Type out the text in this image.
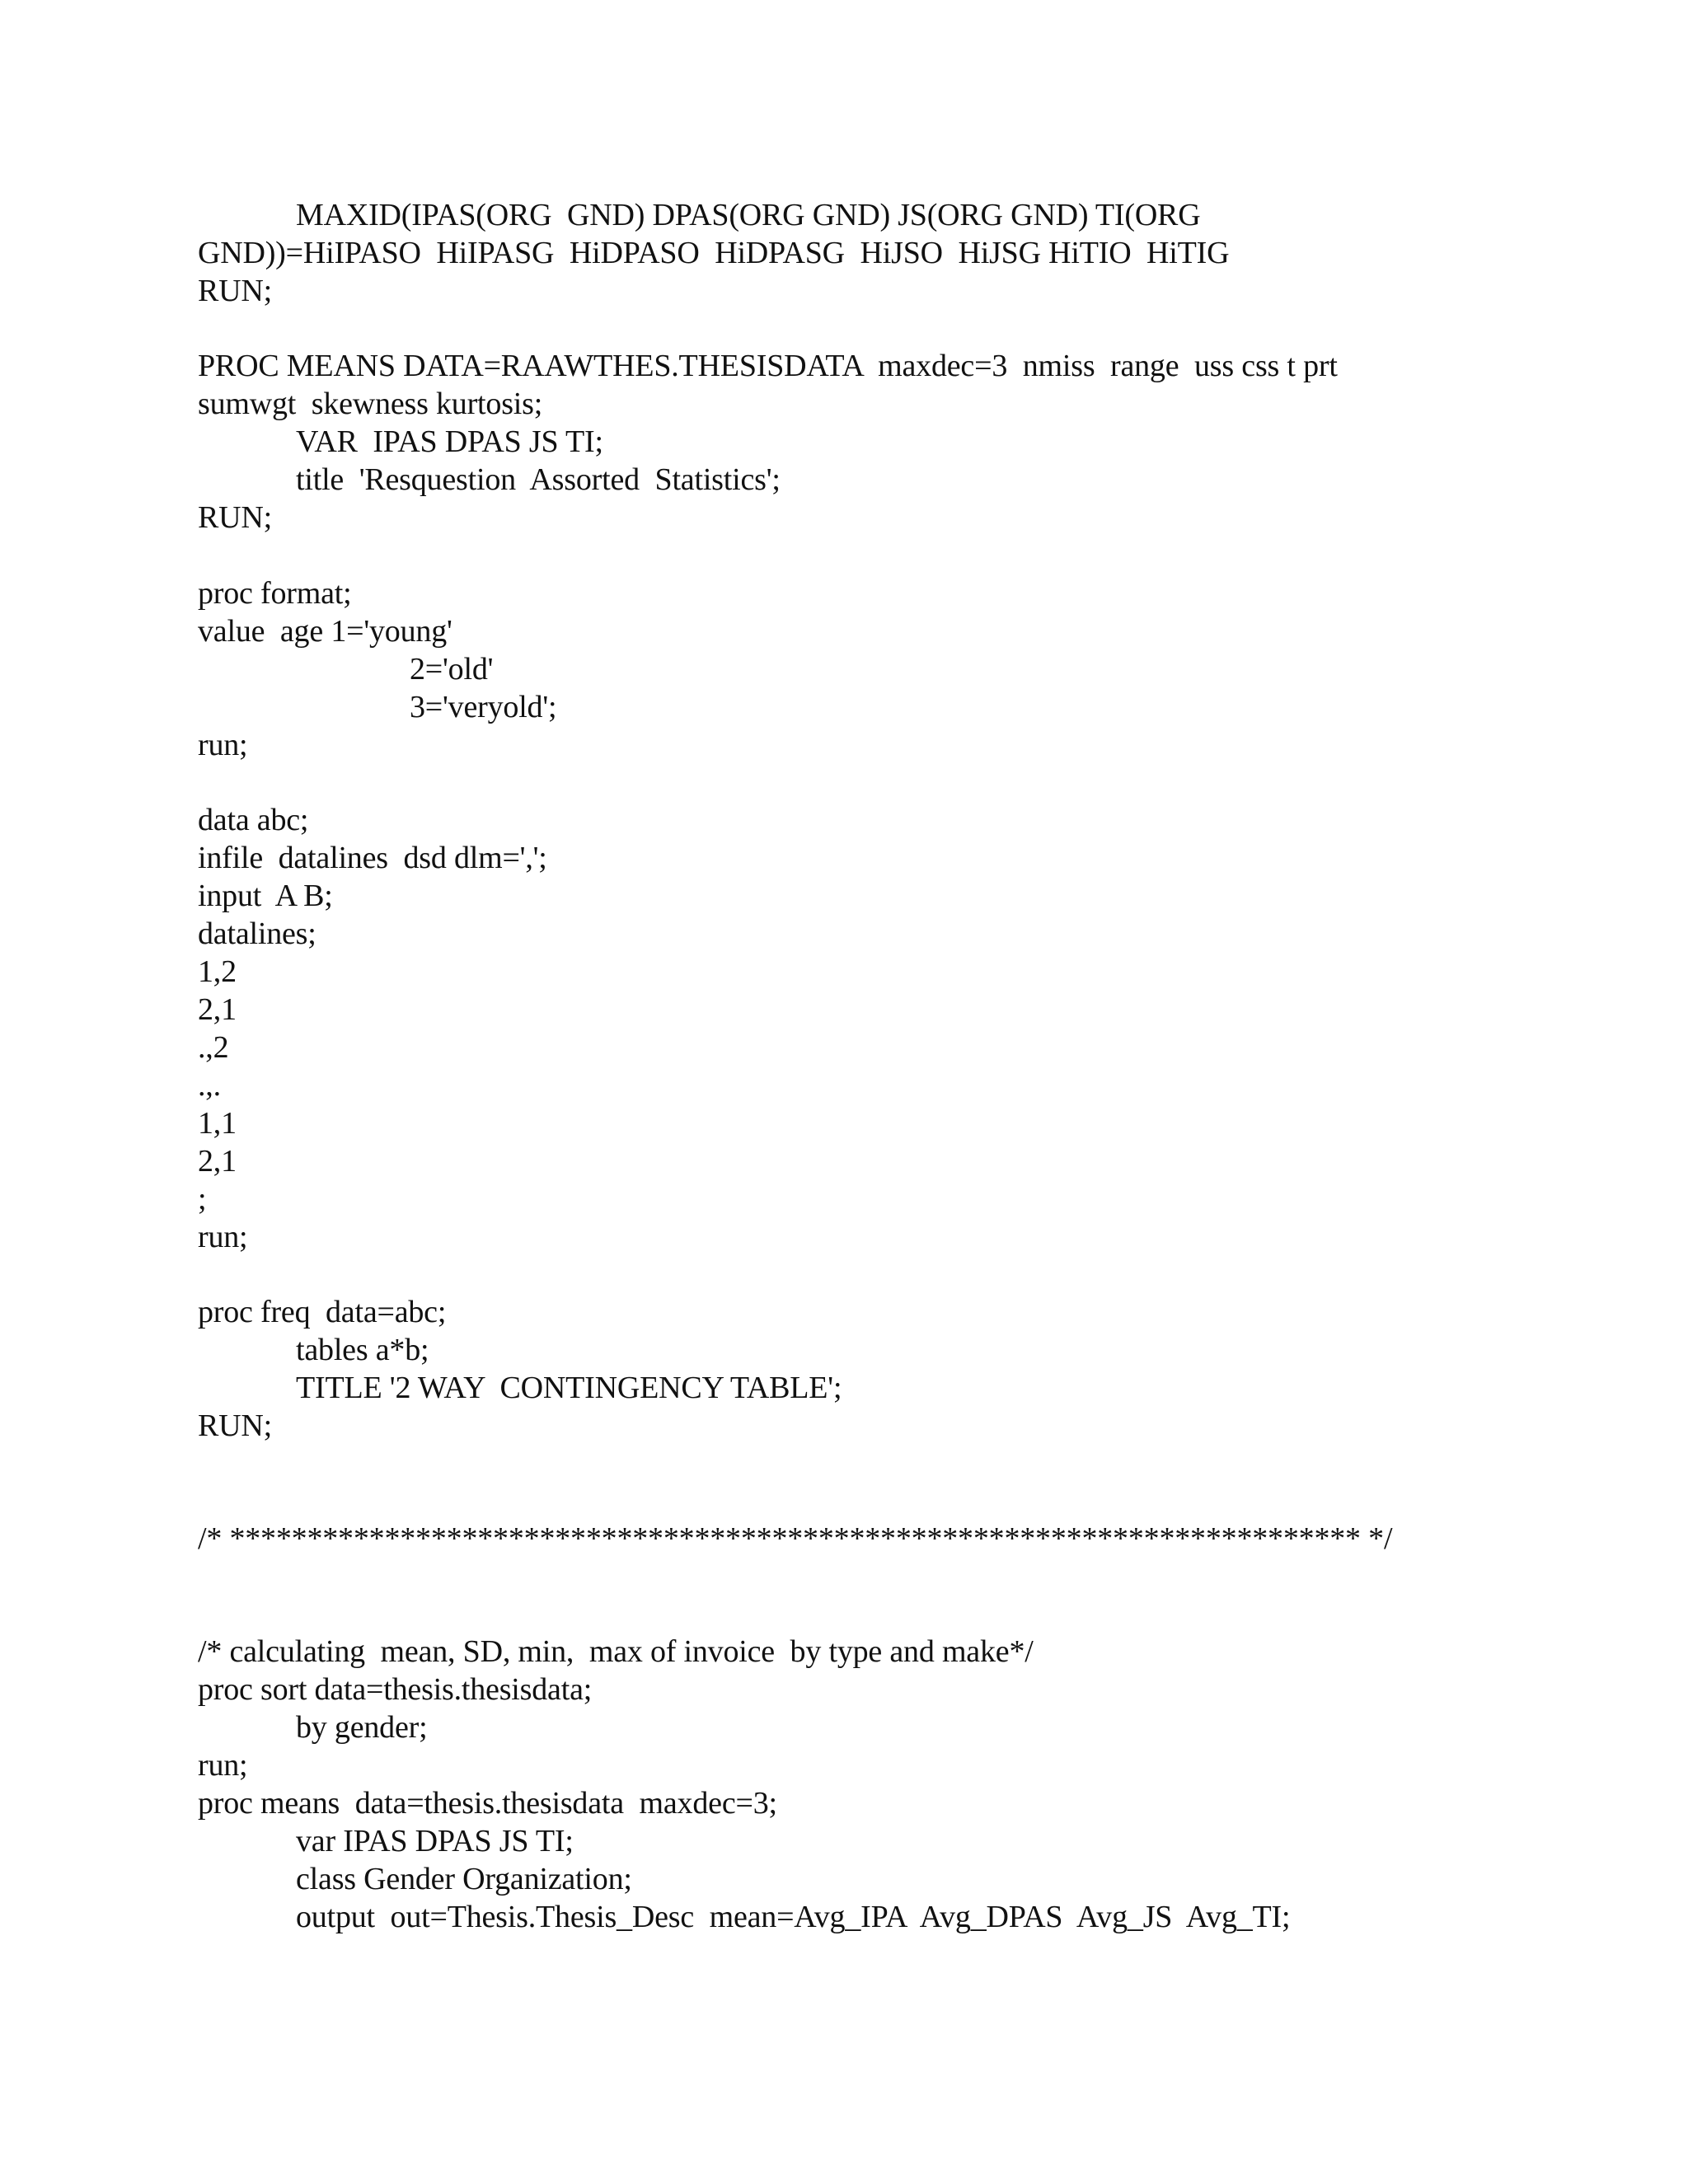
MAXID(IPAS(ORG  GND) DPAS(ORG GND) JS(ORG GND) TI(ORG
GND))=HiIPASO  HiIPASG  HiDPASO  HiDPASG  HiJSO  HiJSG HiTIO  HiTIG
RUN;
PROC MEANS DATA=RAAWTHES.THESISDATA  maxdec=3  nmiss  range  uss css t prt
sumwgt  skewness kurtosis;
VAR  IPAS DPAS JS TI;
title  'Resquestion  Assorted  Statistics';
RUN;
proc format;
value  age 1='young'
2='old'
3='veryold';
run;
data abc;
infile  datalines  dsd dlm=',';
input  A B;
datalines;
1,2
2,1
.,2
.,.
1,1
2,1
;
run;
proc freq  data=abc;
tables a*b;
TITLE '2 WAY  CONTINGENCY TABLE';
RUN;
/* ************************************************************************* */
/* calculating  mean, SD, min,  max of invoice  by type and make*/
proc sort data=thesis.thesisdata;
by gender;
run;
proc means  data=thesis.thesisdata  maxdec=3;
var IPAS DPAS JS TI;
class Gender Organization;
output  out=Thesis.Thesis_Desc  mean=Avg_IPA  Avg_DPAS  Avg_JS  Avg_TI;
